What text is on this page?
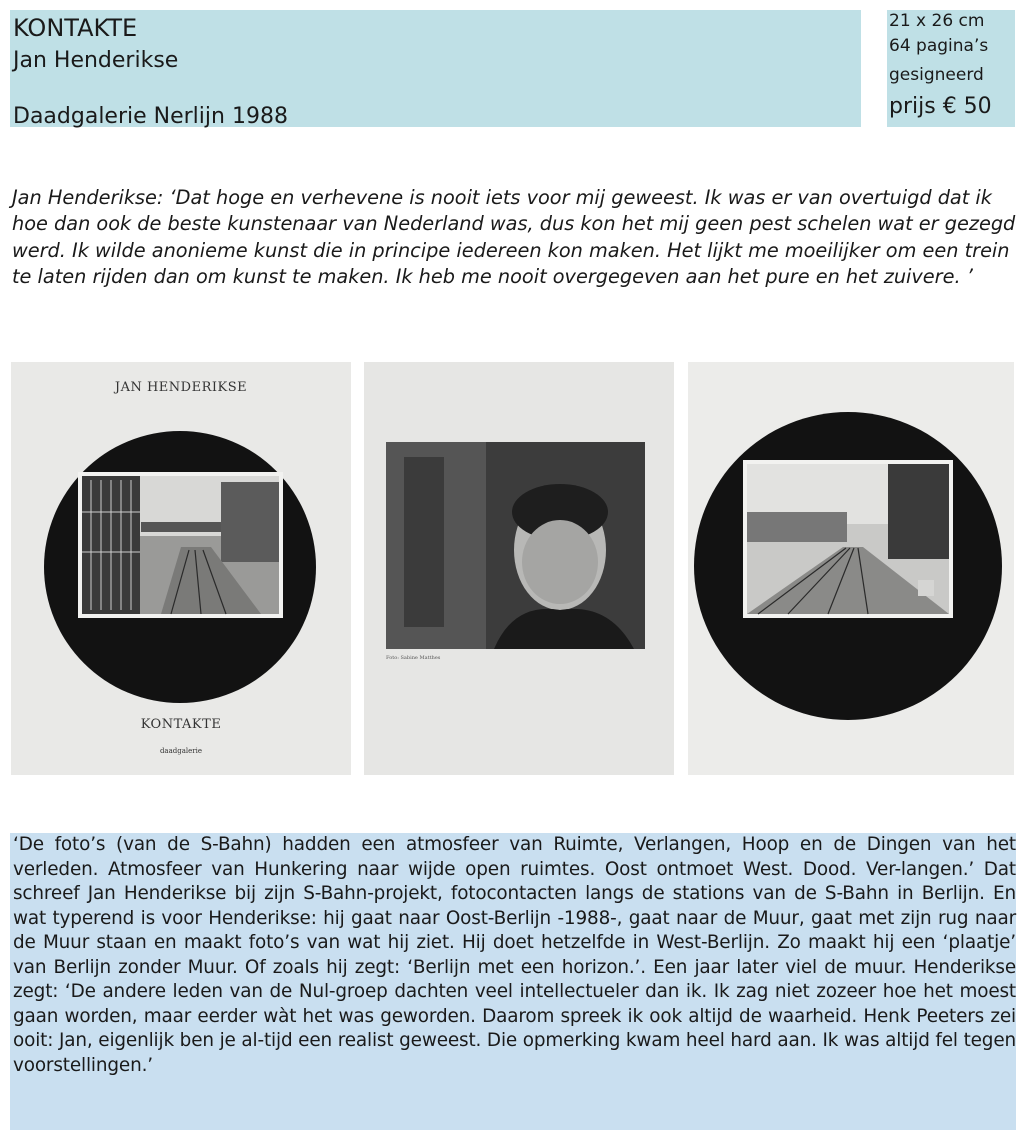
KONTAKTE
Jan Henderikse
Daadgalerie Nerlijn 1988
21 x 26 cm
64 pagina’s
gesigneerd
prijs € 50

Jan Henderikse: ‘Dat hoge en verhevene is nooit iets voor mij geweest. Ik was er van overtuigd dat ik hoe dan ook de beste kunstenaar van Nederland was, dus kon het mij geen pest schelen wat er gezegd werd. Ik wilde anonieme kunst die in principe iedereen kon maken. Het lijkt me moeilijker om een trein te laten rijden dan om kunst te maken. Ik heb me nooit overgegeven aan het pure en het zuivere. ’

JAN HENDERIKSE
KONTAKTE
daadgalerie
Foto: Sabine Matthes

‘De foto’s (van de S-Bahn) hadden een atmosfeer van Ruimte, Verlangen, Hoop en de Dingen van het verleden. Atmosfeer van Hunkering naar wijde open ruimtes. Oost ontmoet West. Dood. Ver-langen.’ Dat schreef Jan Henderikse bij zijn S-Bahn-projekt, fotocontacten langs de stations van de S-Bahn in Berlijn. En wat typerend is voor Henderikse: hij gaat naar Oost-Berlijn -1988-, gaat naar de Muur, gaat met zijn rug naar de Muur staan en maakt foto’s van wat hij ziet. Hij doet hetzelfde in West-Berlijn. Zo maakt hij een ‘plaatje’ van Berlijn zonder Muur. Of zoals hij zegt: ‘Berlijn met een horizon.’. Een jaar later viel de muur. Henderikse zegt: ‘De andere leden van de Nul-groep dachten veel intellectueler dan ik. Ik zag niet zozeer hoe het moest gaan worden, maar eerder wàt het was geworden. Daarom spreek ik ook altijd de waarheid. Henk Peeters zei ooit: Jan, eigenlijk ben je al-tijd een realist geweest. Die opmerking kwam heel hard aan. Ik was altijd fel tegen voorstellingen.’
